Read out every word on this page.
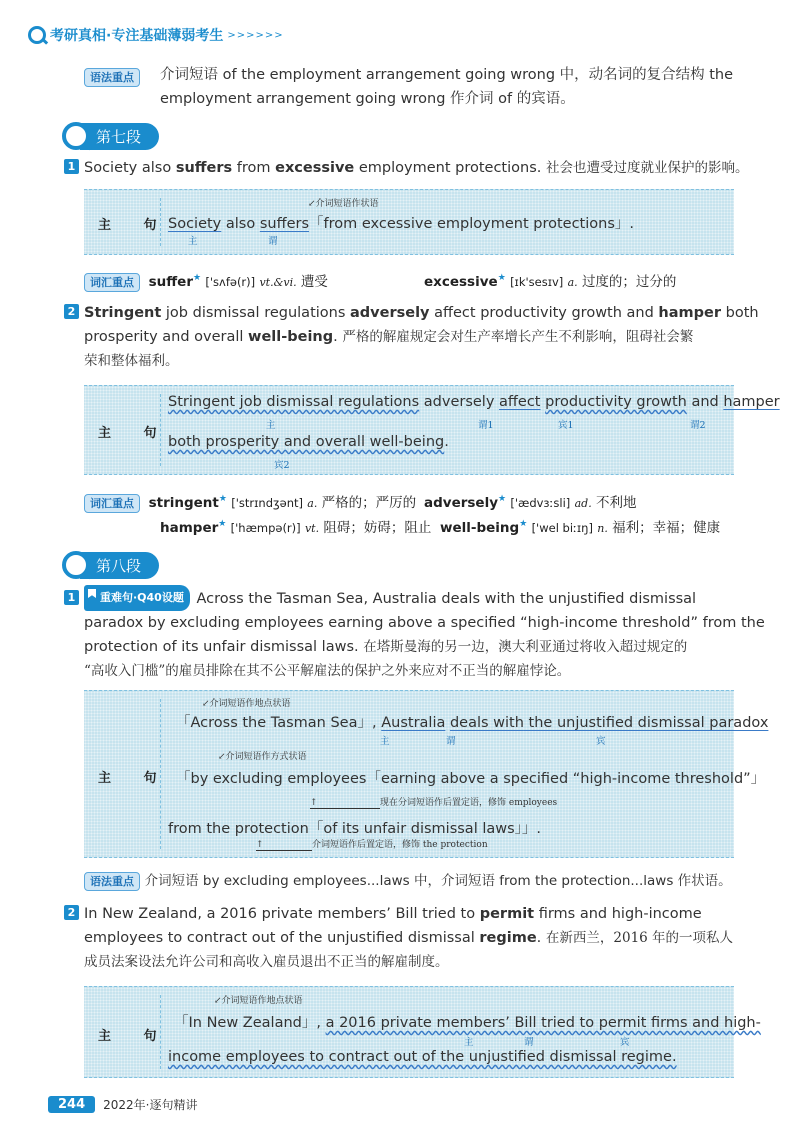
考研真相·专注基础薄弱考生 >>>>>>
语法重点	介词短语 of the employment arrangement going wrong 中，动名词的复合结构 the
employment arrangement going wrong 作介词 of 的宾语。
第七段
1 Society also suffers from excessive employment protections. 社会也遭受过度就业保护的影响。
主 句
↙介词短语作状语
Society also suffers「from excessive employment protections」.
主	谓
词汇重点 suffer★ ['sʌfə(r)] vt.&vi. 遭受	excessive★ [ɪk'sesɪv] a. 过度的；过分的
2 Stringent job dismissal regulations adversely affect productivity growth and hamper both
prosperity and overall well-being. 严格的解雇规定会对生产率增长产生不利影响，阻碍社会繁
荣和整体福利。
主 句
Stringent job dismissal regulations adversely affect productivity growth and hamper
主	谓1	宾1	谓2
both prosperity and overall well-being.
宾2
词汇重点 stringent★ ['strɪndʒənt] a. 严格的；严厉的 adversely★ ['ædvɜːsli] ad. 不利地
hamper★ ['hæmpə(r)] vt. 阻碍；妨碍；阻止 well-being★ ['wel biːɪŋ] n. 福利；幸福；健康
第八段
1 重难句·Q40设题 Across the Tasman Sea, Australia deals with the unjustified dismissal
paradox by excluding employees earning above a specified “high-income threshold” from the
protection of its unfair dismissal laws. 在塔斯曼海的另一边，澳大利亚通过将收入超过规定的
“高收入门槛”的雇员排除在其不公平解雇法的保护之外来应对不正当的解雇悖论。
主 句
↙介词短语作地点状语
「Across the Tasman Sea」, Australia deals with the unjustified dismissal paradox
主	谓	宾
↙介词短语作方式状语
「by excluding employees「earning above a specified “high-income threshold”」
↑	现在分词短语作后置定语，修饰 employees
from the protection「of its unfair dismissal laws」」.
↑	介词短语作后置定语，修饰 the protection
语法重点 介词短语 by excluding employees...laws 中，介词短语 from the protection...laws 作状语。
2 In New Zealand, a 2016 private members’ Bill tried to permit firms and high-income
employees to contract out of the unjustified dismissal regime. 在新西兰，2016 年的一项私人
成员法案设法允许公司和高收入雇员退出不正当的解雇制度。
主 句
↙介词短语作地点状语
「In New Zealand」, a 2016 private members’ Bill tried to permit firms and high-
主	谓	宾
income employees to contract out of the unjustified dismissal regime.
244	2022年·逐句精讲
